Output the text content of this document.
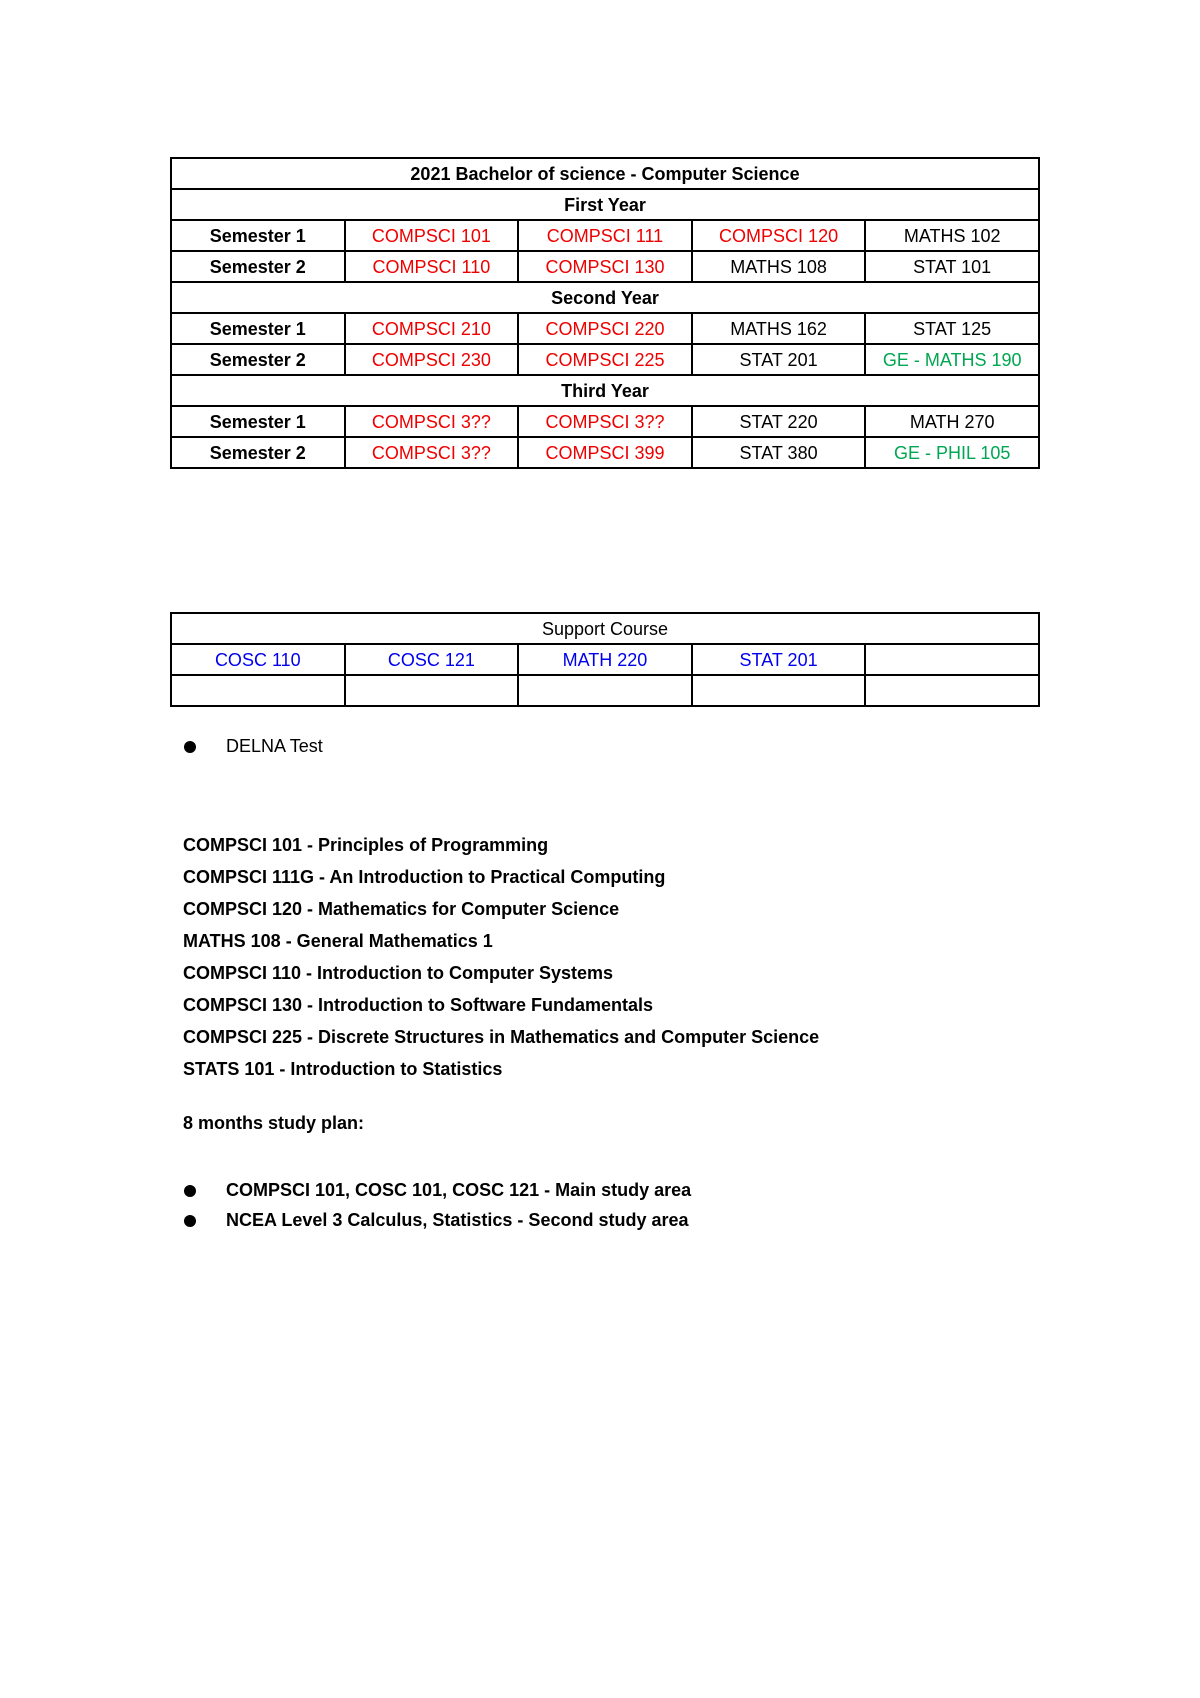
2021 Bachelor of science - Computer Science				
First Year				
Semester 1	COMPSCI 101	COMPSCI 111	COMPSCI 120	MATHS 102
Semester 2	COMPSCI 110	COMPSCI 130	MATHS 108	STAT 101
Second Year				
Semester 1	COMPSCI 210	COMPSCI 220	MATHS 162	STAT 125
Semester 2	COMPSCI 230	COMPSCI 225	STAT 201	GE - MATHS 190
Third Year				
Semester 1	COMPSCI 3??	COMPSCI 3??	STAT 220	MATH 270
Semester 2	COMPSCI 3??	COMPSCI 399	STAT 380	GE - PHIL 105
Support Course				
COSC 110	COSC 121	MATH 220	STAT 201	

DELNA Test
COMPSCI 101 - Principles of Programming
COMPSCI 111G - An Introduction to Practical Computing
COMPSCI 120 - Mathematics for Computer Science
MATHS 108 - General Mathematics 1
COMPSCI 110 - Introduction to Computer Systems
COMPSCI 130 - Introduction to Software Fundamentals
COMPSCI 225 - Discrete Structures in Mathematics and Computer Science
STATS 101 - Introduction to Statistics
8 months study plan:
COMPSCI 101, COSC 101, COSC 121 - Main study area
NCEA Level 3 Calculus, Statistics - Second study area
